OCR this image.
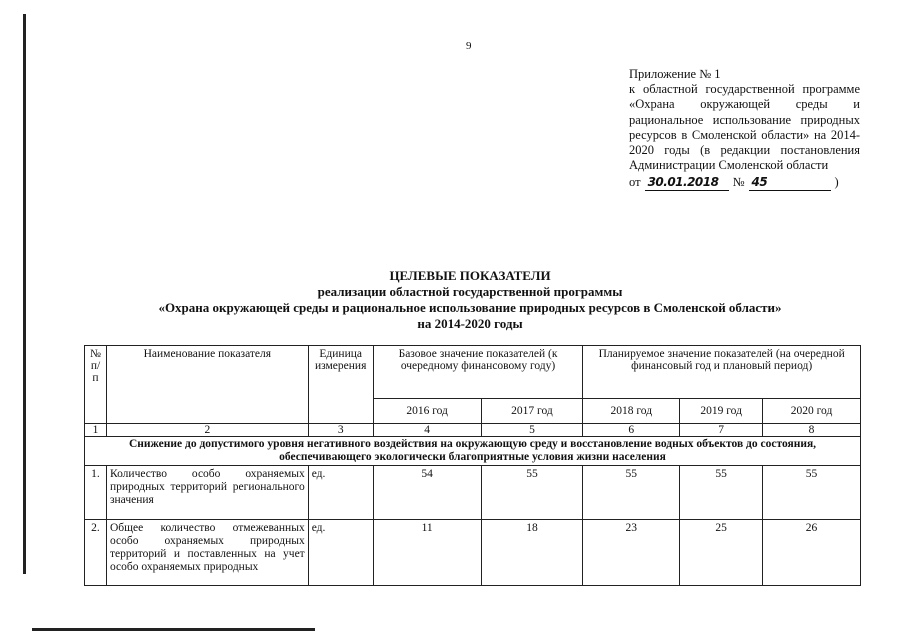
9
Приложение № 1
к областной государственной программе «Охрана окружающей среды и рациональное использование природных ресурсов в Смоленской области» на 2014-2020 годы (в редакции постановления Администрации Смоленской области
от 30.01.2018 № 45	)
ЦЕЛЕВЫЕ ПОКАЗАТЕЛИ
реализации областной государственной программы
«Охрана окружающей среды и рациональное использование природных ресурсов в Смоленской области»
на 2014-2020 годы
№ п/п	Наименование показателя	Единица измерения	Базовое значение показателей (к очередному финансовому году)		Планируемое значение показателей (на очередной финансовый год и плановый период)		
			2016 год	2017 год	2018 год	2019 год	2020 год
1	2	3	4	5	6	7	8
Снижение до допустимого уровня негативного воздействия на окружающую среду и восстановление водных объектов до состояния, обеспечивающего экологически благоприятные условия жизни населения							
1.	Количество особо охраняемых природных территорий регионального значения	ед.	54	55	55	55	55
2.	Общее количество отмежеванных особо охраняемых природных территорий и поставленных на учет особо охраняемых природных	ед.	11	18	23	25	26
